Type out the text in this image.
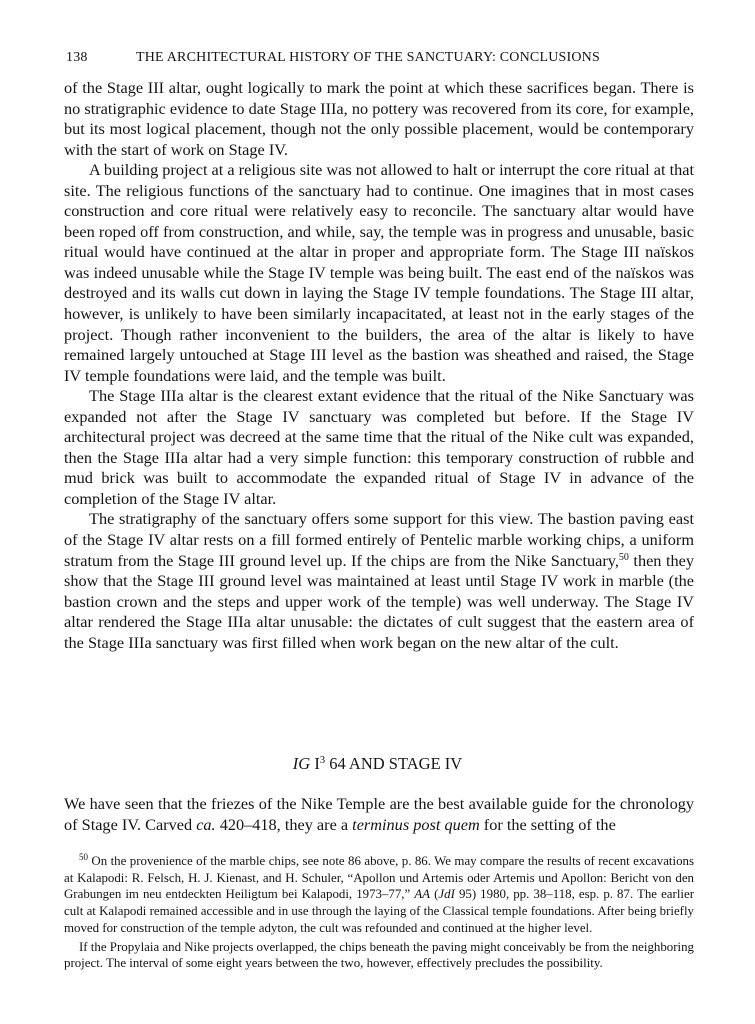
138	THE ARCHITECTURAL HISTORY OF THE SANCTUARY: CONCLUSIONS

of the Stage III altar, ought logically to mark the point at which these sacrifices began. There is no stratigraphic evidence to date Stage IIIa, no pottery was recovered from its core, for example, but its most logical placement, though not the only possible placement, would be contemporary with the start of work on Stage IV.

A building project at a religious site was not allowed to halt or interrupt the core ritual at that site. The religious functions of the sanctuary had to continue. One imagines that in most cases construction and core ritual were relatively easy to reconcile. The sanctuary altar would have been roped off from construction, and while, say, the temple was in progress and unusable, basic ritual would have continued at the altar in proper and appropriate form. The Stage III naïskos was indeed unusable while the Stage IV temple was being built. The east end of the naïskos was destroyed and its walls cut down in laying the Stage IV temple foundations. The Stage III altar, however, is unlikely to have been similarly incapacitated, at least not in the early stages of the project. Though rather inconvenient to the builders, the area of the altar is likely to have remained largely untouched at Stage III level as the bastion was sheathed and raised, the Stage IV temple foundations were laid, and the temple was built.

The Stage IIIa altar is the clearest extant evidence that the ritual of the Nike Sanctuary was expanded not after the Stage IV sanctuary was completed but before. If the Stage IV architectural project was decreed at the same time that the ritual of the Nike cult was expanded, then the Stage IIIa altar had a very simple function: this temporary construction of rubble and mud brick was built to accommodate the expanded ritual of Stage IV in advance of the completion of the Stage IV altar.

The stratigraphy of the sanctuary offers some support for this view. The bastion paving east of the Stage IV altar rests on a fill formed entirely of Pentelic marble working chips, a uniform stratum from the Stage III ground level up. If the chips are from the Nike Sanctuary,$^{50}$ then they show that the Stage III ground level was maintained at least until Stage IV work in marble (the bastion crown and the steps and upper work of the temple) was well underway. The Stage IV altar rendered the Stage IIIa altar unusable: the dictates of cult suggest that the eastern area of the Stage IIIa sanctuary was first filled when work began on the new altar of the cult.

IG $I^3$ 64 AND STAGE IV

We have seen that the friezes of the Nike Temple are the best available guide for the chronology of Stage IV. Carved ca. 420–418, they are a terminus post quem for the setting of the

$^{50}$ On the provenience of the marble chips, see note 86 above, p. 86. We may compare the results of recent excavations at Kalapodi: R. Felsch, H. J. Kienast, and H. Schuler, “Apollon und Artemis oder Artemis und Apollon: Bericht von den Grabungen im neu entdeckten Heiligtum bei Kalapodi, 1973–77,” AA (JdI 95) 1980, pp. 38–118, esp. p. 87. The earlier cult at Kalapodi remained accessible and in use through the laying of the Classical temple foundations. After being briefly moved for construction of the temple adyton, the cult was refounded and continued at the higher level.

If the Propylaia and Nike projects overlapped, the chips beneath the paving might conceivably be from the neighboring project. The interval of some eight years between the two, however, effectively precludes the possibility.
